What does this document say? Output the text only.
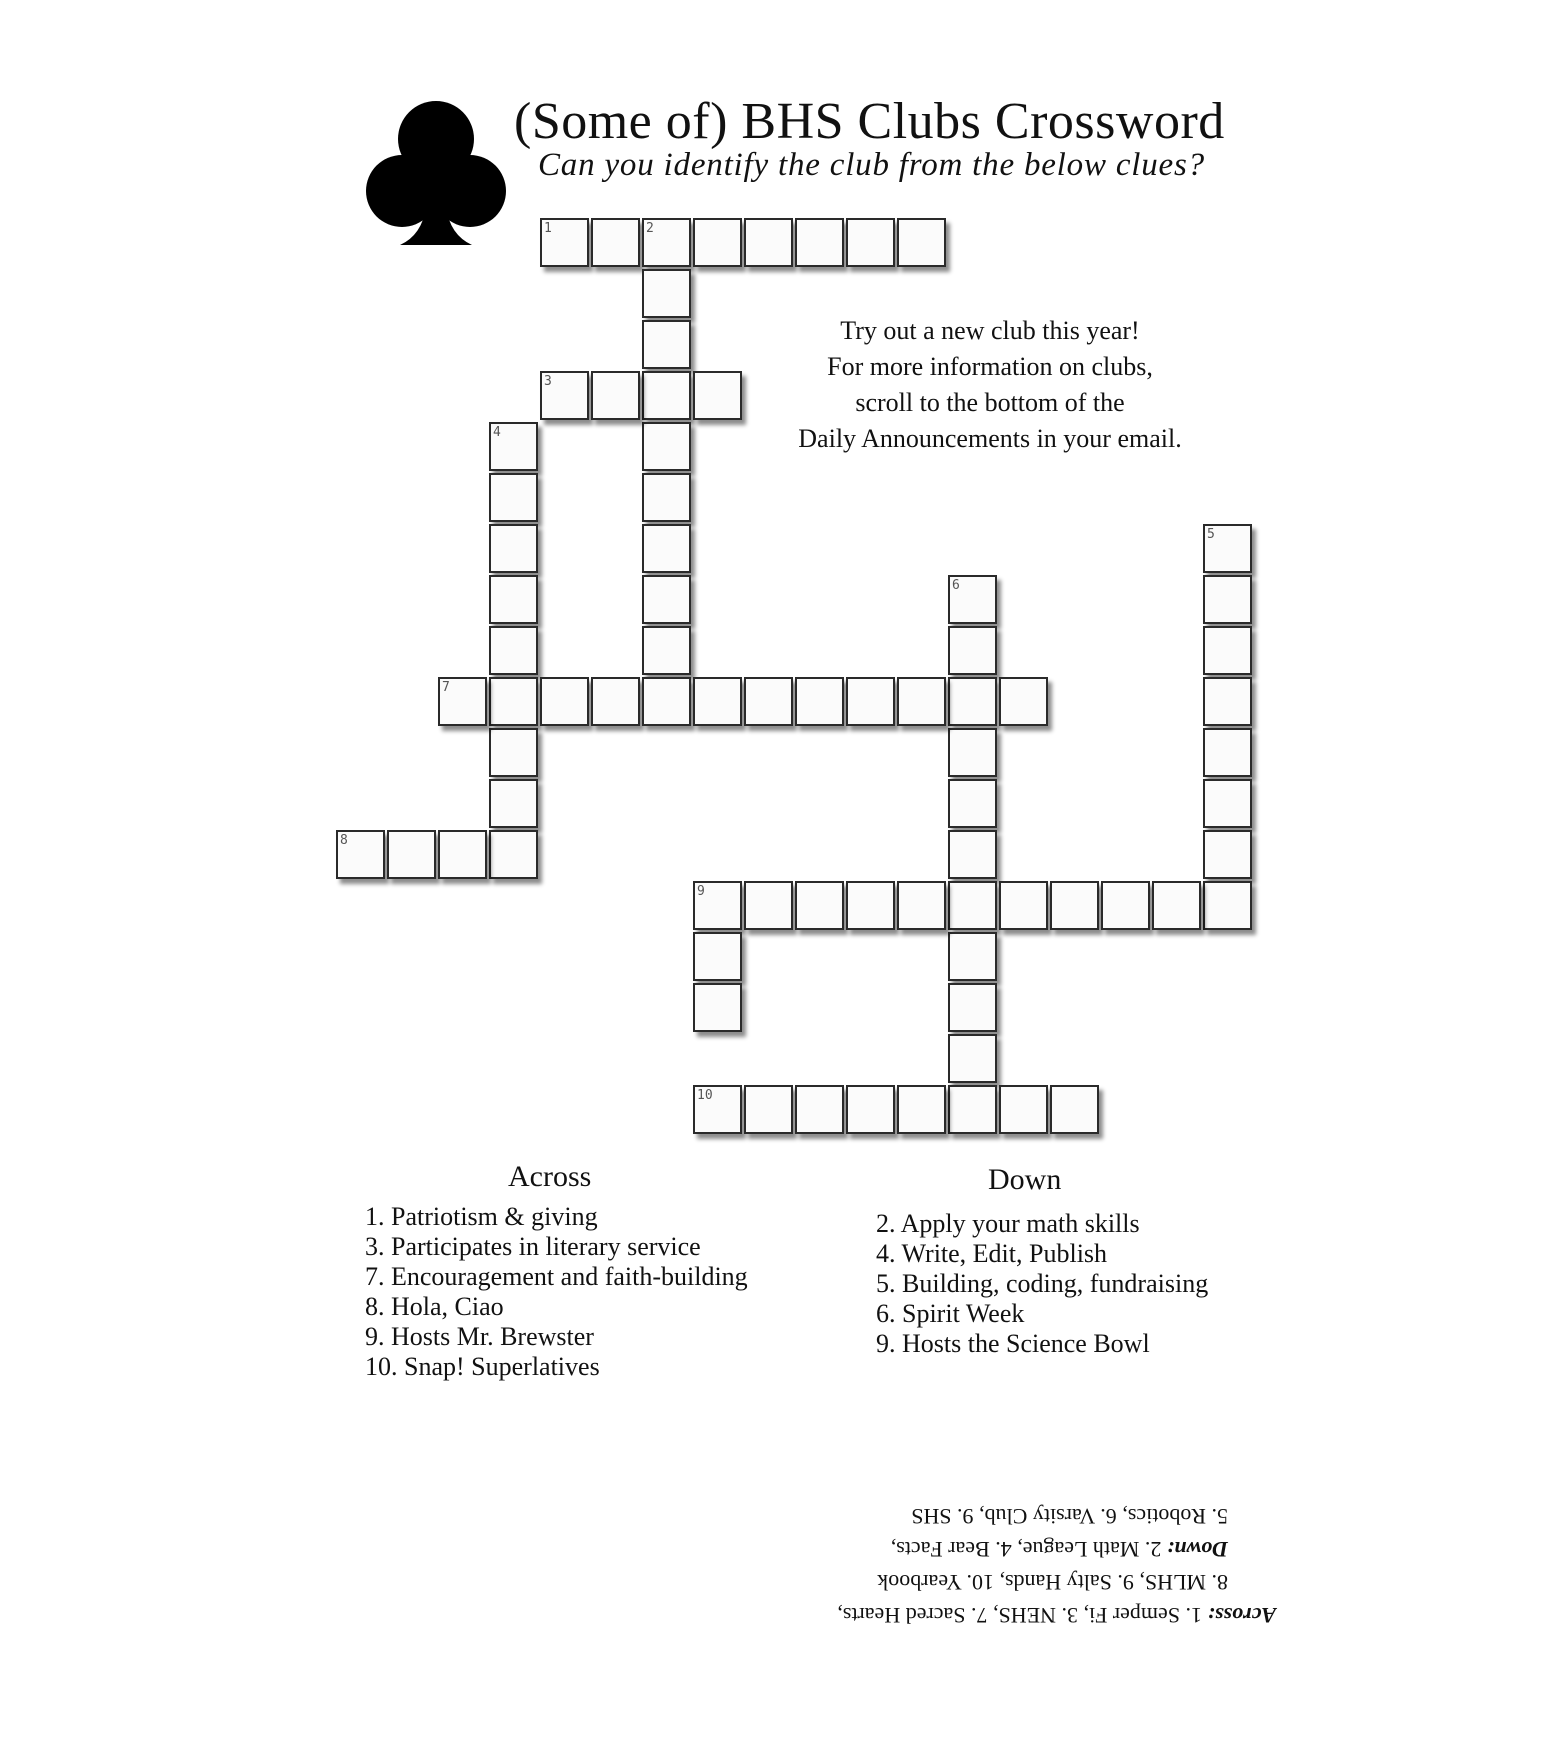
(Some of) BHS Clubs Crossword

Can you identify the club from the below clues?

Try out a new club this year!
For more information on clubs,
scroll to the bottom of the
Daily Announcements in your email.
1	2
3
4
5
6
7
8
9
10
Across
1. Patriotism & giving
3. Participates in literary service
7. Encouragement and faith-building
8. Hola, Ciao
9. Hosts Mr. Brewster
10. Snap! Superlatives
Down
2. Apply your math skills
4. Write, Edit, Publish
5. Building, coding, fundraising
6. Spirit Week
9. Hosts the Science Bowl
Across: 1. Semper Fi, 3. NEHS, 7. Sacred Hearts,
8. MLHS, 9. Salty Hands, 10. Yearbook
Down: 2. Math League, 4. Bear Facts,
5. Robotics, 6. Varsity Club, 9. SHS
